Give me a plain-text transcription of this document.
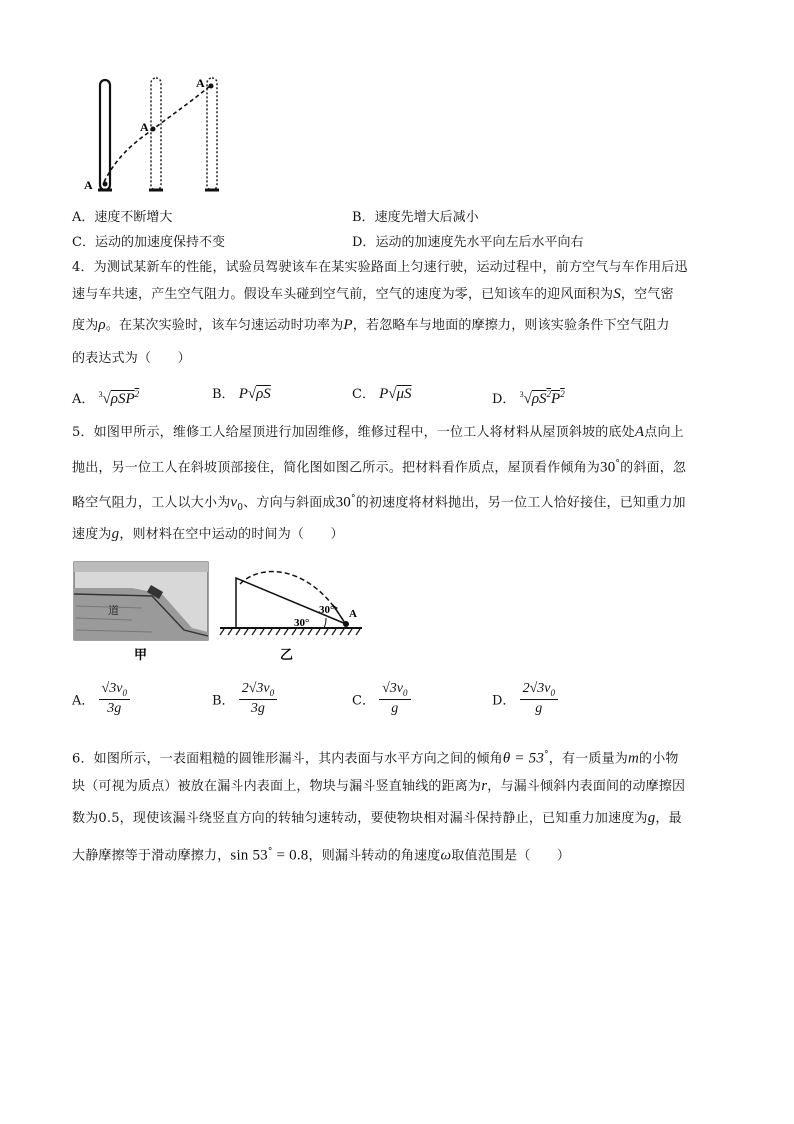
A
A
A
A．速度不断增大	B．速度先增大后减小
C．运动的加速度保持不变	D．运动的加速度先水平向左后水平向右
4．为测试某新车的性能，试验员驾驶该车在某实验路面上匀速行驶，运动过程中，前方空气与车作用后迅
速与车共速，产生空气阻力。假设车头碰到空气前，空气的速度为零，已知该车的迎风面积为S，空气密
度为ρ。在某次实验时，该车匀速运动时功率为P，若忽略车与地面的摩擦力，则该实验条件下空气阻力
的表达式为（　　）
A． $^3$√ρSP$^2$	B． P√ρS	C． P√μS	D． $^3√\rho S^2P^2$
5．如图甲所示，维修工人给屋顶进行加固维修，维修过程中，一位工人将材料从屋顶斜坡的底处A点向上
抛出，另一位工人在斜坡顶部接住，简化图如图乙所示。把材料看作质点，屋顶看作倾角为30°的斜面，忽
略空气阻力，工人以大小为$v_0$、方向与斜面成30°的初速度将材料抛出，另一位工人恰好接住，已知重力加
速度为g，则材料在空中运动的时间为（　　）
道
甲
30°
30° A
乙
A． $\frac{√3v_0}{3g}$	B． $\frac{2√3v_0}{3g}$	C． $\frac{√3v_0}{g}$	D． $\frac{2√3v_0}{g}$
6．如图所示，一表面粗糙的圆锥形漏斗，其内表面与水平方向之间的倾角θ = 53°，有一质量为m的小物
块（可视为质点）被放在漏斗内表面上，物块与漏斗竖直轴线的距离为r，与漏斗倾斜内表面间的动摩擦因
数为0.5，现使该漏斗绕竖直方向的转轴匀速转动，要使物块相对漏斗保持静止，已知重力加速度为g，最
大静摩擦等于滑动摩擦力，sin 53° = 0.8，则漏斗转动的角速度ω取值范围是（　　）
